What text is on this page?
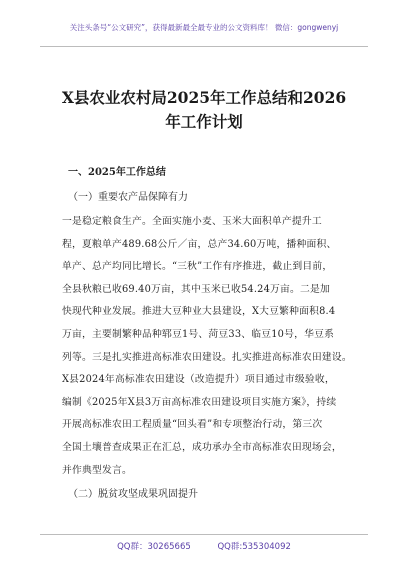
关注头条号“公文研究”，获得最新最全最专业的公文资料库！ 微信：gongwenyj
X县农业农村局2025年工作总结和2026
年工作计划
一、2025年工作总结
（一）重要农产品保障有力
一是稳定粮食生产。全面实施小麦、玉米大面积单产提升工
程，夏粮单产489.68公斤／亩，总产34.60万吨，播种面积、
单产、总产均同比增长。“三秋”工作有序推进，截止到目前，
全县秋粮已收69.40万亩，其中玉米已收54.24万亩。二是加
快现代种业发展。推进大豆种业大县建设，X大豆繁种面积8.4
万亩，主要制繁种品种郓豆1号、菏豆33、临豆10号，华豆系
列等。三是扎实推进高标准农田建设。扎实推进高标准农田建设。
X县2024年高标准农田建设（改造提升）项目通过市级验收，
编制《2025年X县3万亩高标准农田建设项目实施方案》，持续
开展高标准农田工程质量“回头看”和专项整治行动，第三次
全国土壤普查成果正在汇总，成功承办全市高标准农田现场会，
并作典型发言。
（二）脱贫攻坚成果巩固提升
QQ群：30265665	QQ群:535304092
